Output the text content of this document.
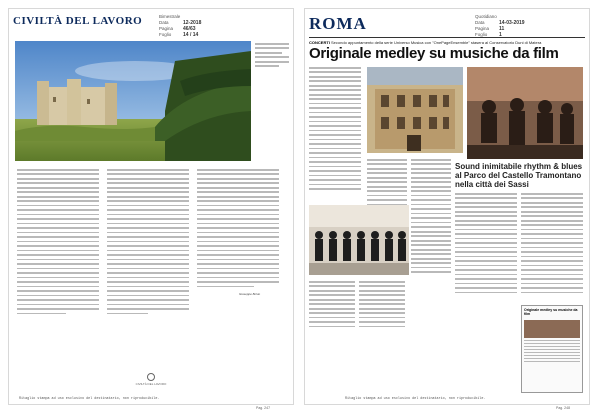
CIVILTÀ DEL LAVORO	Bimestrale
Data	12-2018
Pagina 46/63
Foglio 14 / 14
Giuseppe Brisio
CIVILTÀ DEL LAVORO
Ritaglio stampa ad uso esclusivo del destinatario, non riproducibile.
Pag. 247
ROMA	Quotidiano
Data	14-03-2019
Pagina 11
Foglio 1
CONCERTI Secondo appuntamento della serie Universo Musica con "OnePageEnsemble" stasera al Conservatorio Duni di Matera
Originale medley su musiche da film
Sound inimitabile rhythm & blues al Parco del Castello Tramontano nella città dei Sassi
Originale medley su musiche da film
Ritaglio stampa ad uso esclusivo del destinatario, non riproducibile.
Pag. 248
